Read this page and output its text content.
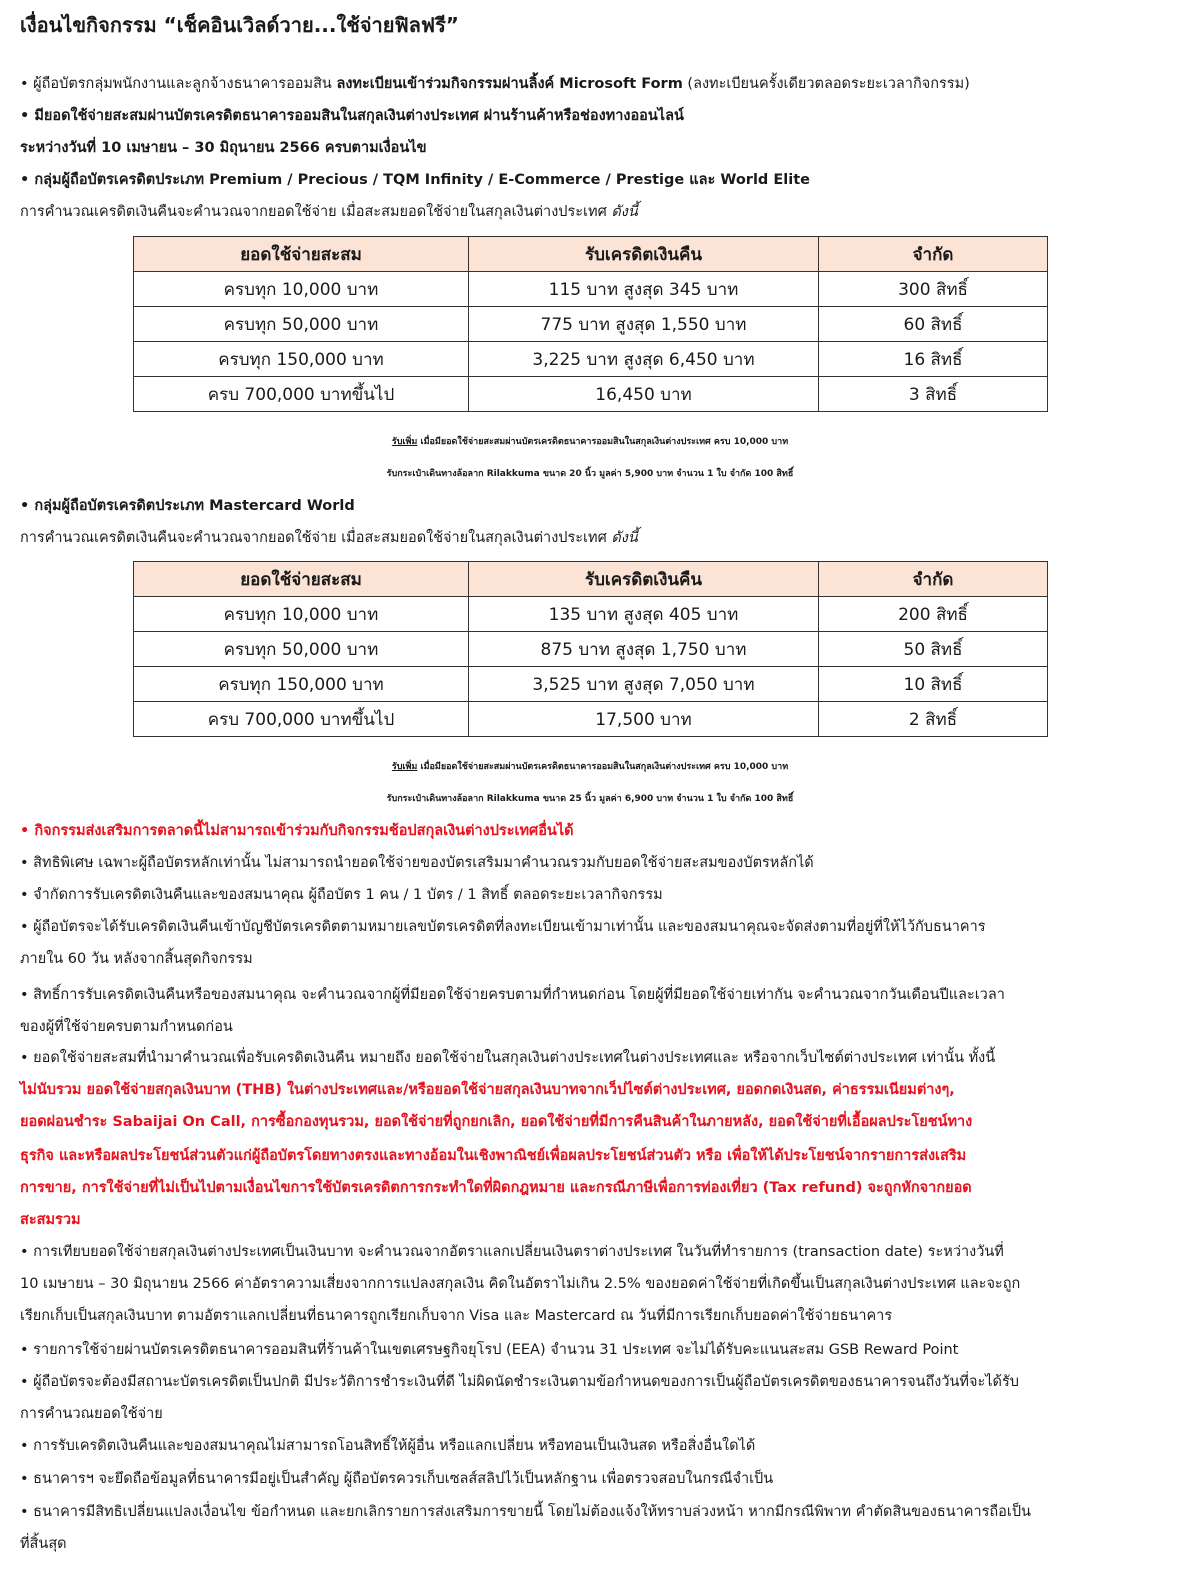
เงื่อนไขกิจกรรม “เช็คอินเวิลด์วาย...ใช้จ่ายฟิลฟรี”
• ผู้ถือบัตรกลุ่มพนักงานและลูกจ้างธนาคารออมสิน ลงทะเบียนเข้าร่วมกิจกรรมผ่านลิ้งค์ Microsoft Form (ลงทะเบียนครั้งเดียวตลอดระยะเวลากิจกรรม)
• มียอดใช้จ่ายสะสมผ่านบัตรเครดิตธนาคารออมสินในสกุลเงินต่างประเทศ ผ่านร้านค้าหรือช่องทางออนไลน์
ระหว่างวันที่ 10 เมษายน – 30 มิถุนายน 2566 ครบตามเงื่อนไข
• กลุ่มผู้ถือบัตรเครดิตประเภท Premium / Precious / TQM Infinity / E-Commerce / Prestige และ World Elite
การคำนวณเครดิตเงินคืนจะคำนวณจากยอดใช้จ่าย เมื่อสะสมยอดใช้จ่ายในสกุลเงินต่างประเทศ ดังนี้
ยอดใช้จ่ายสะสม	รับเครดิตเงินคืน	จำกัด
ครบทุก 10,000 บาท	115 บาท สูงสุด 345 บาท	300 สิทธิ์
ครบทุก 50,000 บาท	775 บาท สูงสุด 1,550 บาท	60 สิทธิ์
ครบทุก 150,000 บาท	3,225 บาท สูงสุด 6,450 บาท	16 สิทธิ์
ครบ 700,000 บาทขึ้นไป	16,450 บาท	3 สิทธิ์
รับเพิ่ม เมื่อมียอดใช้จ่ายสะสมผ่านบัตรเครดิตธนาคารออมสินในสกุลเงินต่างประเทศ ครบ 10,000 บาท
รับกระเป๋าเดินทางล้อลาก Rilakkuma ขนาด 20 นิ้ว มูลค่า 5,900 บาท จำนวน 1 ใบ จำกัด 100 สิทธิ์
• กลุ่มผู้ถือบัตรเครดิตประเภท Mastercard World
การคำนวณเครดิตเงินคืนจะคำนวณจากยอดใช้จ่าย เมื่อสะสมยอดใช้จ่ายในสกุลเงินต่างประเทศ ดังนี้
ยอดใช้จ่ายสะสม	รับเครดิตเงินคืน	จำกัด
ครบทุก 10,000 บาท	135 บาท สูงสุด 405 บาท	200 สิทธิ์
ครบทุก 50,000 บาท	875 บาท สูงสุด 1,750 บาท	50 สิทธิ์
ครบทุก 150,000 บาท	3,525 บาท สูงสุด 7,050 บาท	10 สิทธิ์
ครบ 700,000 บาทขึ้นไป	17,500 บาท	2 สิทธิ์
รับเพิ่ม เมื่อมียอดใช้จ่ายสะสมผ่านบัตรเครดิตธนาคารออมสินในสกุลเงินต่างประเทศ ครบ 10,000 บาท
รับกระเป๋าเดินทางล้อลาก Rilakkuma ขนาด 25 นิ้ว มูลค่า 6,900 บาท จำนวน 1 ใบ จำกัด 100 สิทธิ์
• กิจกรรมส่งเสริมการตลาดนี้ไม่สามารถเข้าร่วมกับกิจกรรมช้อปสกุลเงินต่างประเทศอื่นได้
• สิทธิพิเศษ เฉพาะผู้ถือบัตรหลักเท่านั้น ไม่สามารถนำยอดใช้จ่ายของบัตรเสริมมาคำนวณรวมกับยอดใช้จ่ายสะสมของบัตรหลักได้
• จำกัดการรับเครดิตเงินคืนและของสมนาคุณ ผู้ถือบัตร 1 คน / 1 บัตร / 1 สิทธิ์ ตลอดระยะเวลากิจกรรม
• ผู้ถือบัตรจะได้รับเครดิตเงินคืนเข้าบัญชีบัตรเครดิตตามหมายเลขบัตรเครดิตที่ลงทะเบียนเข้ามาเท่านั้น และของสมนาคุณจะจัดส่งตามที่อยู่ที่ให้ไว้กับธนาคาร
ภายใน 60 วัน หลังจากสิ้นสุดกิจกรรม
• สิทธิ์การรับเครดิตเงินคืนหรือของสมนาคุณ จะคำนวณจากผู้ที่มียอดใช้จ่ายครบตามที่กำหนดก่อน โดยผู้ที่มียอดใช้จ่ายเท่ากัน จะคำนวณจากวันเดือนปีและเวลา
ของผู้ที่ใช้จ่ายครบตามกำหนดก่อน
• ยอดใช้จ่ายสะสมที่นำมาคำนวณเพื่อรับเครดิตเงินคืน หมายถึง ยอดใช้จ่ายในสกุลเงินต่างประเทศในต่างประเทศและ หรือจากเว็บไซต์ต่างประเทศ เท่านั้น ทั้งนี้
ไม่นับรวม ยอดใช้จ่ายสกุลเงินบาท (THB) ในต่างประเทศและ/หรือยอดใช้จ่ายสกุลเงินบาทจากเว็ปไซต์ต่างประเทศ, ยอดกดเงินสด, ค่าธรรมเนียมต่างๆ,
ยอดผ่อนชำระ Sabaijai On Call, การซื้อกองทุนรวม, ยอดใช้จ่ายที่ถูกยกเลิก, ยอดใช้จ่ายที่มีการคืนสินค้าในภายหลัง, ยอดใช้จ่ายที่เอื้อผลประโยชน์ทาง
ธุรกิจ และหรือผลประโยชน์ส่วนตัวแก่ผู้ถือบัตรโดยทางตรงและทางอ้อมในเชิงพาณิชย์เพื่อผลประโยชน์ส่วนตัว หรือ เพื่อให้ได้ประโยชน์จากรายการส่งเสริม
การขาย, การใช้จ่ายที่ไม่เป็นไปตามเงื่อนไขการใช้บัตรเครดิตการกระทำใดที่ผิดกฎหมาย และกรณีภาษีเพื่อการท่องเที่ยว (Tax refund) จะถูกหักจากยอด
สะสมรวม
• การเทียบยอดใช้จ่ายสกุลเงินต่างประเทศเป็นเงินบาท จะคำนวณจากอัตราแลกเปลี่ยนเงินตราต่างประเทศ ในวันที่ทำรายการ (transaction date) ระหว่างวันที่
10 เมษายน – 30 มิถุนายน 2566 ค่าอัตราความเสี่ยงจากการแปลงสกุลเงิน คิดในอัตราไม่เกิน 2.5% ของยอดค่าใช้จ่ายที่เกิดขึ้นเป็นสกุลเงินต่างประเทศ และจะถูก
เรียกเก็บเป็นสกุลเงินบาท ตามอัตราแลกเปลี่ยนที่ธนาคารถูกเรียกเก็บจาก Visa และ Mastercard ณ วันที่มีการเรียกเก็บยอดค่าใช้จ่ายธนาคาร
• รายการใช้จ่ายผ่านบัตรเครดิตธนาคารออมสินที่ร้านค้าในเขตเศรษฐกิจยุโรป (EEA) จำนวน 31 ประเทศ จะไม่ได้รับคะแนนสะสม GSB Reward Point
• ผู้ถือบัตรจะต้องมีสถานะบัตรเครดิตเป็นปกติ มีประวัติการชำระเงินที่ดี ไม่ผิดนัดชำระเงินตามข้อกำหนดของการเป็นผู้ถือบัตรเครดิตของธนาคารจนถึงวันที่จะได้รับ
การคำนวณยอดใช้จ่าย
• การรับเครดิตเงินคืนและของสมนาคุณไม่สามารถโอนสิทธิ์ให้ผู้อื่น หรือแลกเปลี่ยน หรือทอนเป็นเงินสด หรือสิ่งอื่นใดได้
• ธนาคารฯ จะยึดถือข้อมูลที่ธนาคารมีอยู่เป็นสำคัญ ผู้ถือบัตรควรเก็บเซลส์สลิปไว้เป็นหลักฐาน เพื่อตรวจสอบในกรณีจำเป็น
• ธนาคารมีสิทธิเปลี่ยนแปลงเงื่อนไข ข้อกำหนด และยกเลิกรายการส่งเสริมการขายนี้ โดยไม่ต้องแจ้งให้ทราบล่วงหน้า หากมีกรณีพิพาท คำตัดสินของธนาคารถือเป็น
ที่สิ้นสุด
